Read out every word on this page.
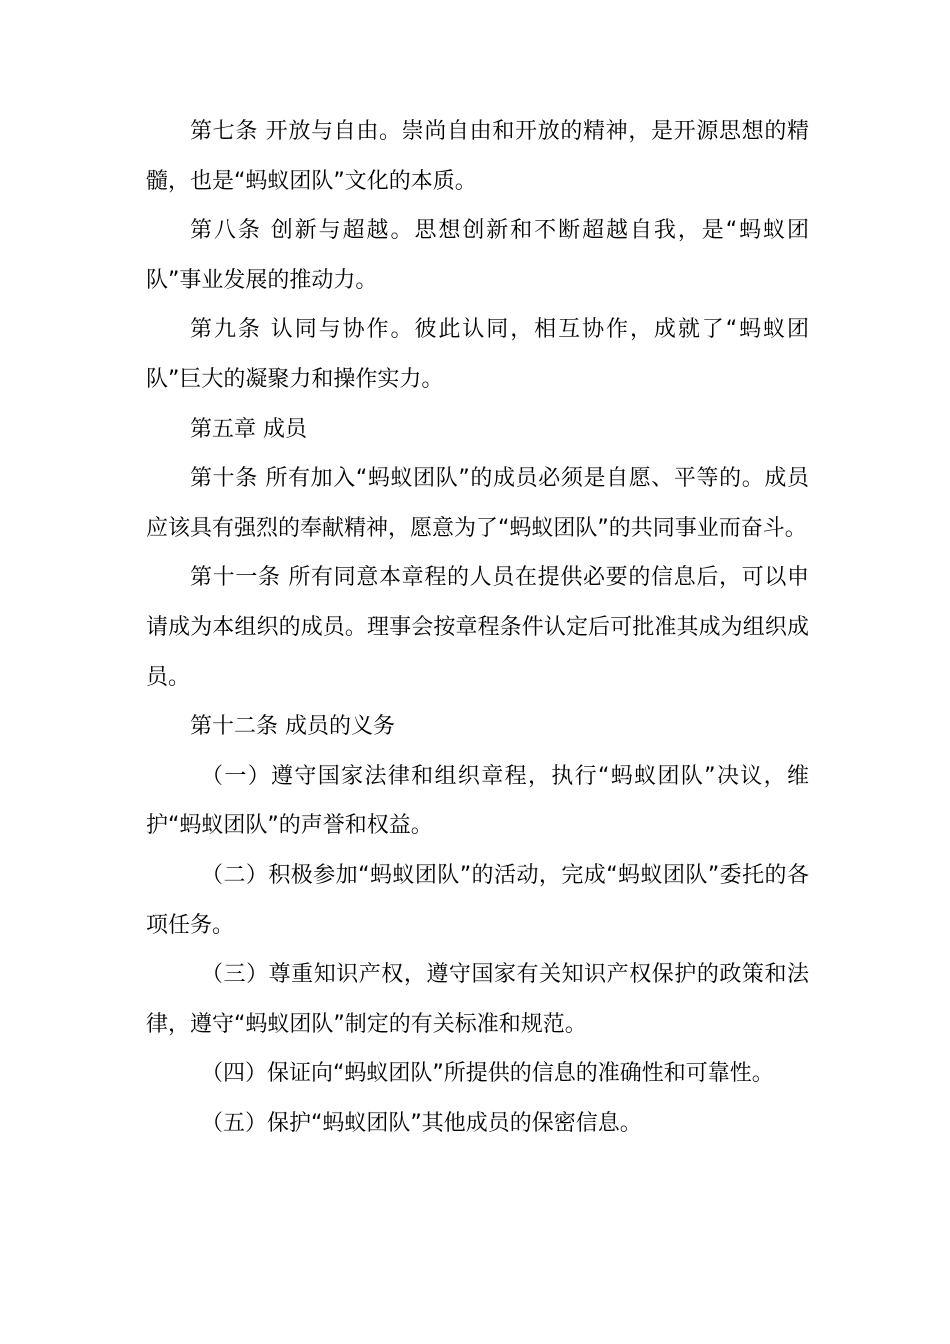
第七条 开放与自由。崇尚自由和开放的精神，是开源思想的精髓，也是“蚂蚁团队”文化的本质。

第八条 创新与超越。思想创新和不断超越自我，是“蚂蚁团队”事业发展的推动力。

第九条 认同与协作。彼此认同，相互协作，成就了“蚂蚁团队”巨大的凝聚力和操作实力。

第五章 成员

第十条 所有加入“蚂蚁团队”的成员必须是自愿、平等的。成员应该具有强烈的奉献精神，愿意为了“蚂蚁团队”的共同事业而奋斗。

第十一条 所有同意本章程的人员在提供必要的信息后，可以申请成为本组织的成员。理事会按章程条件认定后可批准其成为组织成员。

第十二条 成员的义务

（一）遵守国家法律和组织章程，执行“蚂蚁团队”决议，维护“蚂蚁团队”的声誉和权益。

（二）积极参加“蚂蚁团队”的活动，完成“蚂蚁团队”委托的各项任务。

（三）尊重知识产权，遵守国家有关知识产权保护的政策和法律，遵守“蚂蚁团队”制定的有关标准和规范。

（四）保证向“蚂蚁团队”所提供的信息的准确性和可靠性。

（五）保护“蚂蚁团队”其他成员的保密信息。
